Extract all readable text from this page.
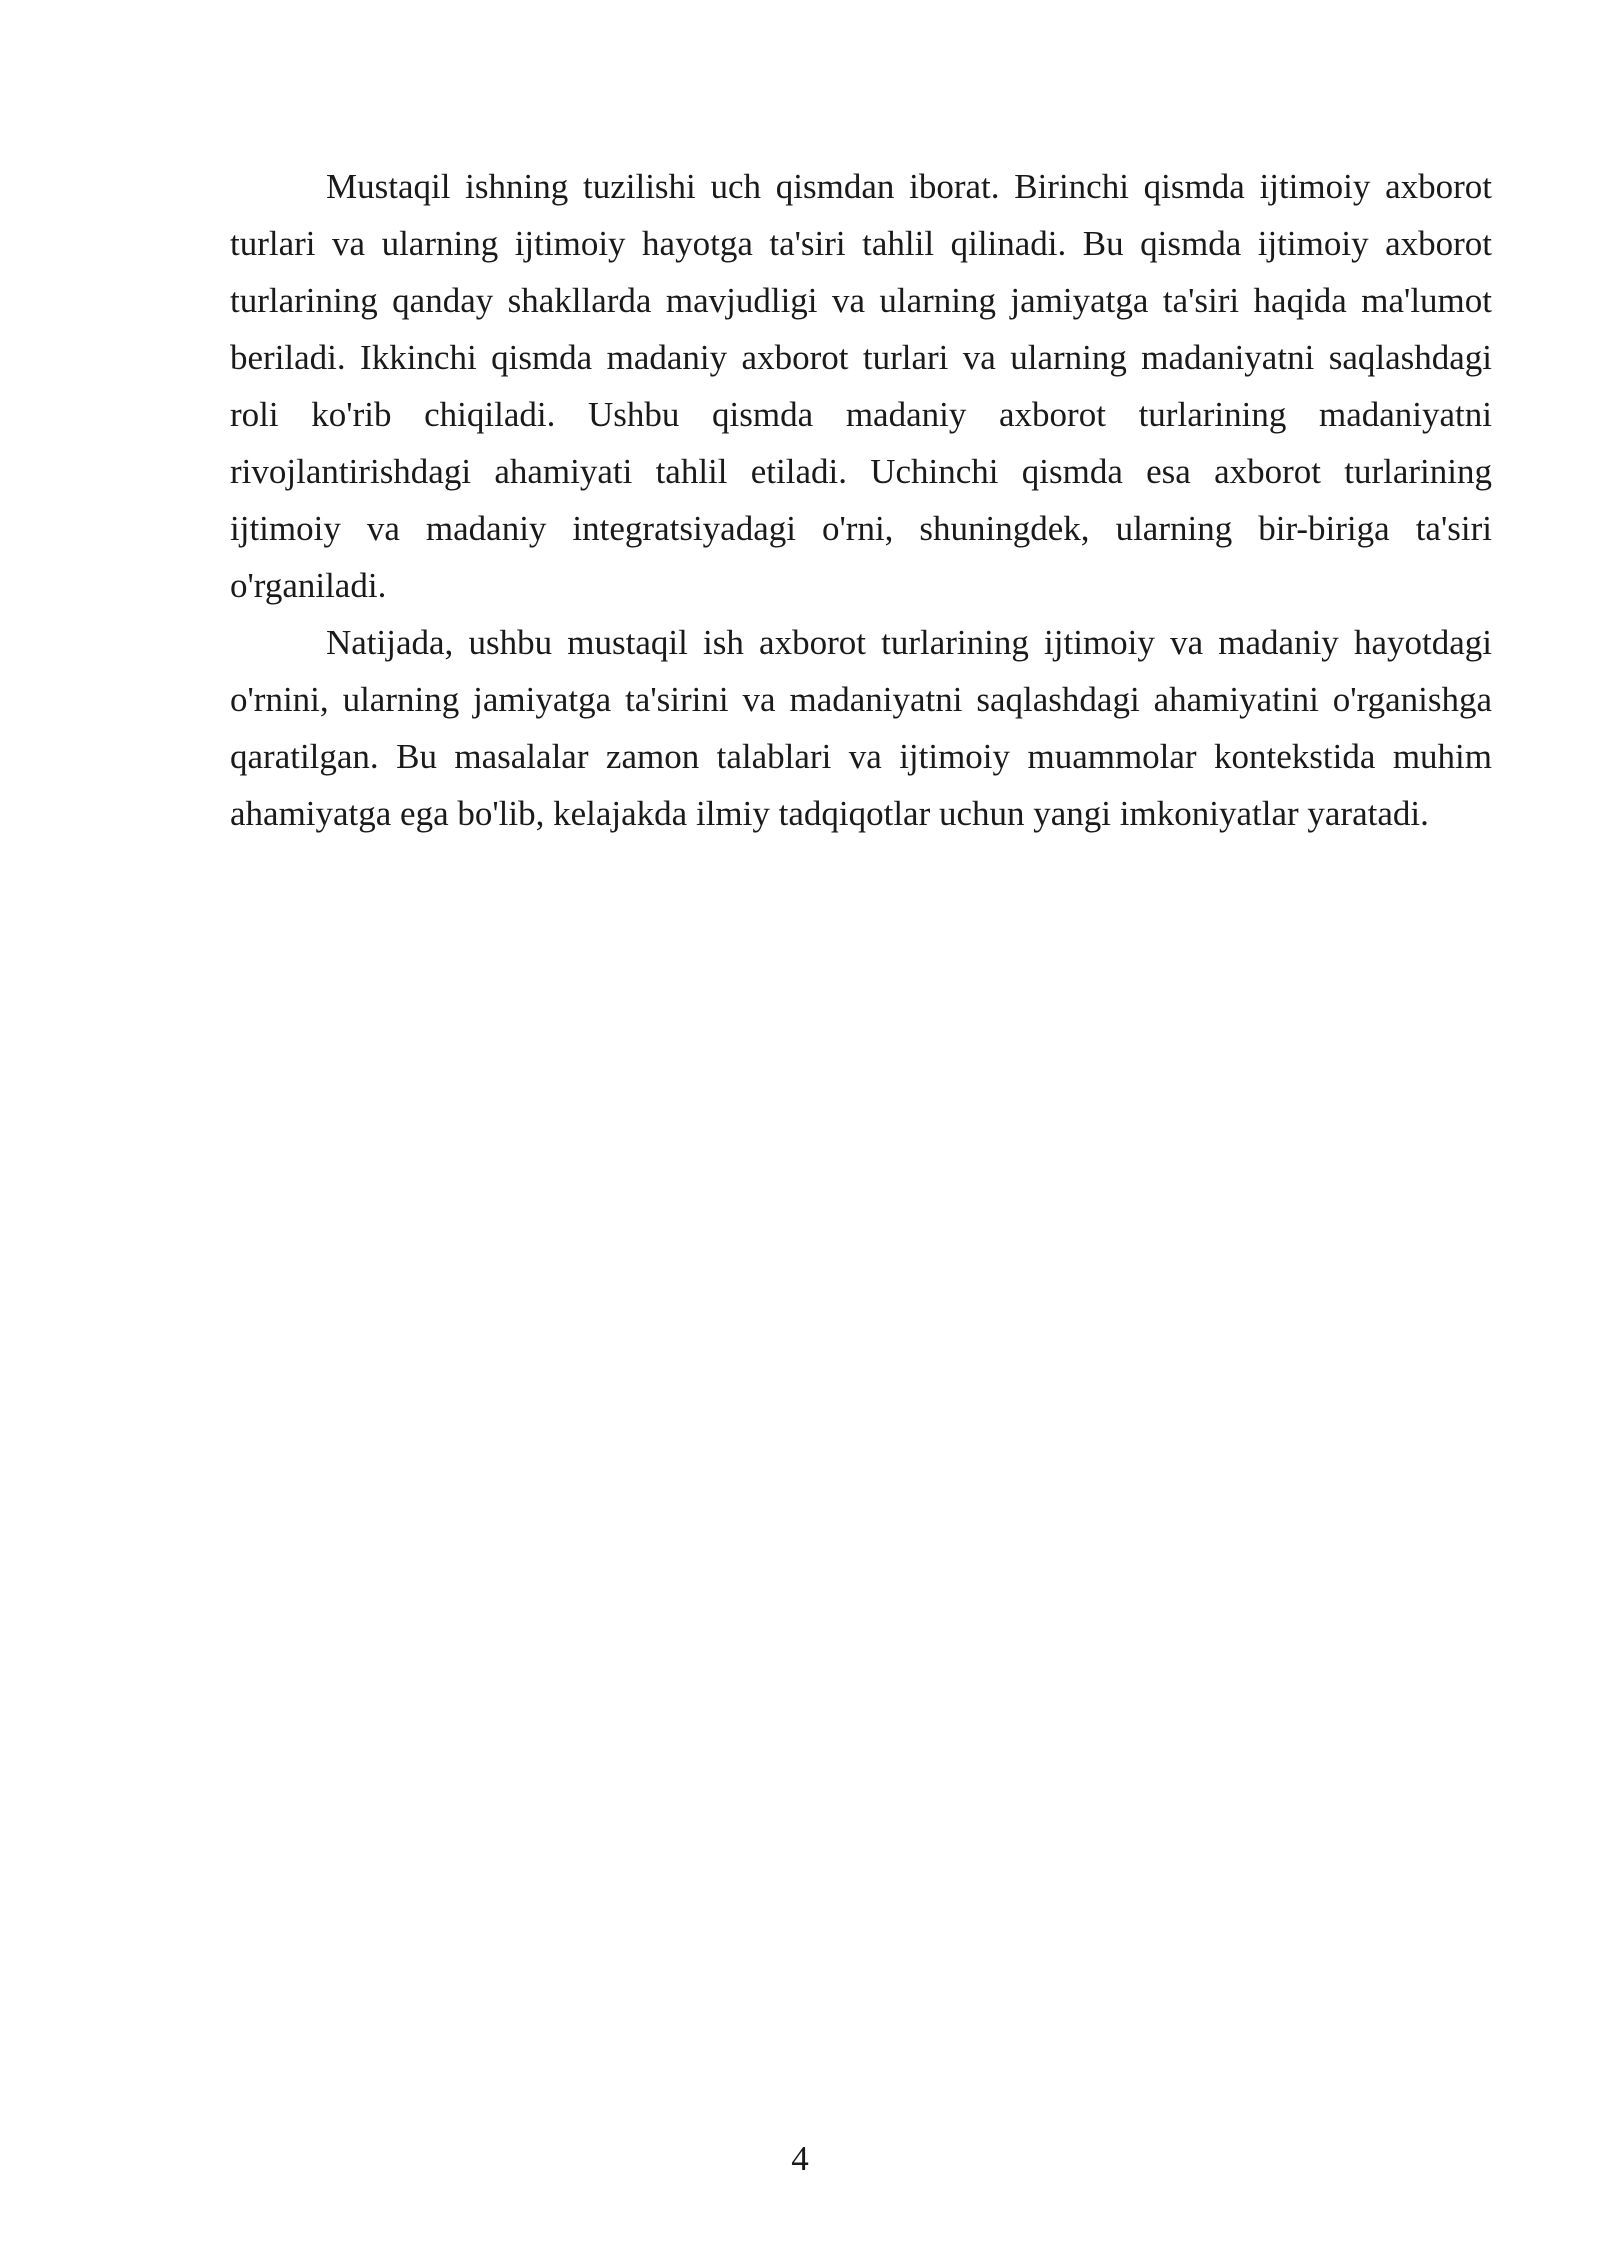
Mustaqil ishning tuzilishi uch qismdan iborat. Birinchi qismda ijtimoiy axborot turlari va ularning ijtimoiy hayotga ta'siri tahlil qilinadi. Bu qismda ijtimoiy axborot turlarining qanday shakllarda mavjudligi va ularning jamiyatga ta'siri haqida ma'lumot beriladi. Ikkinchi qismda madaniy axborot turlari va ularning madaniyatni saqlashdagi roli ko'rib chiqiladi. Ushbu qismda madaniy axborot turlarining madaniyatni rivojlantirishdagi ahamiyati tahlil etiladi. Uchinchi qismda esa axborot turlarining ijtimoiy va madaniy integratsiyadagi o'rni, shuningdek, ularning bir-biriga ta'siri o'rganiladi.

Natijada, ushbu mustaqil ish axborot turlarining ijtimoiy va madaniy hayotdagi o'rnini, ularning jamiyatga ta'sirini va madaniyatni saqlashdagi ahamiyatini o'rganishga qaratilgan. Bu masalalar zamon talablari va ijtimoiy muammolar kontekstida muhim ahamiyatga ega bo'lib, kelajakda ilmiy tadqiqotlar uchun yangi imkoniyatlar yaratadi.

4
